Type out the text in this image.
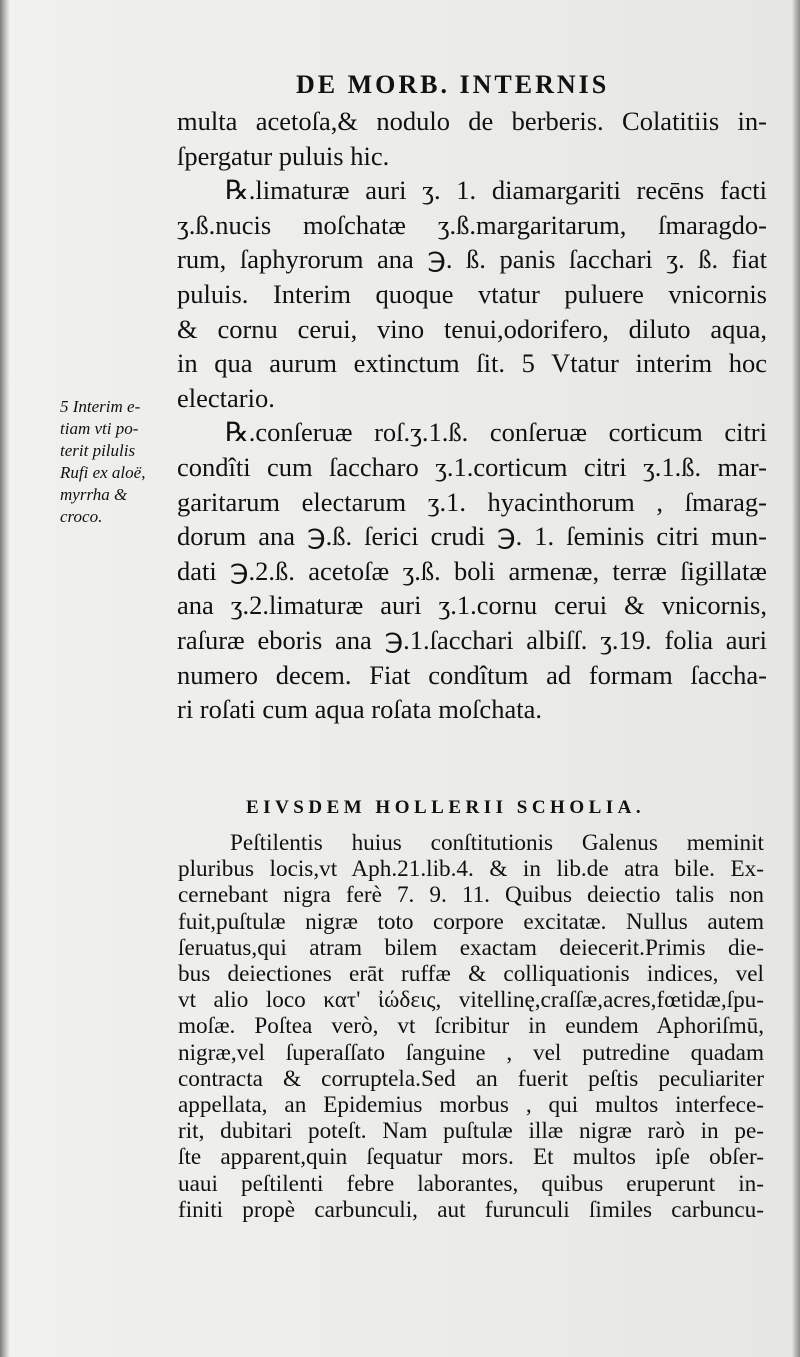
DE MORB. INTERNIS
multa acetoſa,& nodulo de berberis. Colatitiis in-
ſpergatur puluis hic.
℞.limaturæ auri ʒ. 1. diamargariti recēns facti
ʒ.ß.nucis moſchatæ ʒ.ß.margaritarum, ſmaragdo-
rum, ſaphyrorum ana ℈. ß. panis ſacchari ʒ. ß. fiat
puluis. Interim quoque vtatur puluere vnicornis
& cornu cerui, vino tenui,odorifero, diluto aqua,
in qua aurum extinctum ſit. 5 Vtatur interim hoc
electario.
℞.conſeruæ roſ.ʒ.1.ß. conſeruæ corticum citri
condîti cum ſaccharo ʒ.1.corticum citri ʒ.1.ß. mar-
garitarum electarum ʒ.1. hyacinthorum , ſmarag-
dorum ana ℈.ß. ſerici crudi ℈. 1. ſeminis citri mun-
dati ℈.2.ß. acetoſæ ʒ.ß. boli armenæ, terræ ſigillatæ
ana ʒ.2.limaturæ auri ʒ.1.cornu cerui & vnicornis,
raſuræ eboris ana ℈.1.ſacchari albiſſ. ʒ.19. folia auri
numero decem. Fiat condîtum ad formam ſaccha-
ri roſati cum aqua roſata moſchata.
5 Interim e-
tiam vti po-
terit pilulis
Rufi ex aloë,
myrrha &
croco.
EIVSDEM HOLLERII SCHOLIA.
Peſtilentis huius conſtitutionis Galenus meminit
pluribus locis,vt Aph.21.lib.4. & in lib.de atra bile. Ex-
cernebant nigra ferè 7. 9. 11. Quibus deiectio talis non
fuit,puſtulæ nigræ toto corpore excitatæ. Nullus autem
ſeruatus,qui atram bilem exactam deiecerit.Primis die-
bus deiectiones erāt ruffæ & colliquationis indices, vel
vt alio loco κατ' ἰώδεις, vitellinę,craſſæ,acres,fœtidæ,ſpu-
moſæ. Poſtea verò, vt ſcribitur in eundem Aphoriſmū,
nigræ,vel ſuperaſſato ſanguine , vel putredine quadam
contracta & corruptela.Sed an fuerit peſtis peculiariter
appellata, an Epidemius morbus , qui multos interfece-
rit, dubitari poteſt. Nam puſtulæ illæ nigræ rarò in pe-
ſte apparent,quin ſequatur mors. Et multos ipſe obſer-
uaui peſtilenti febre laborantes, quibus eruperunt in-
finiti propè carbunculi, aut furunculi ſimiles carbuncu-
